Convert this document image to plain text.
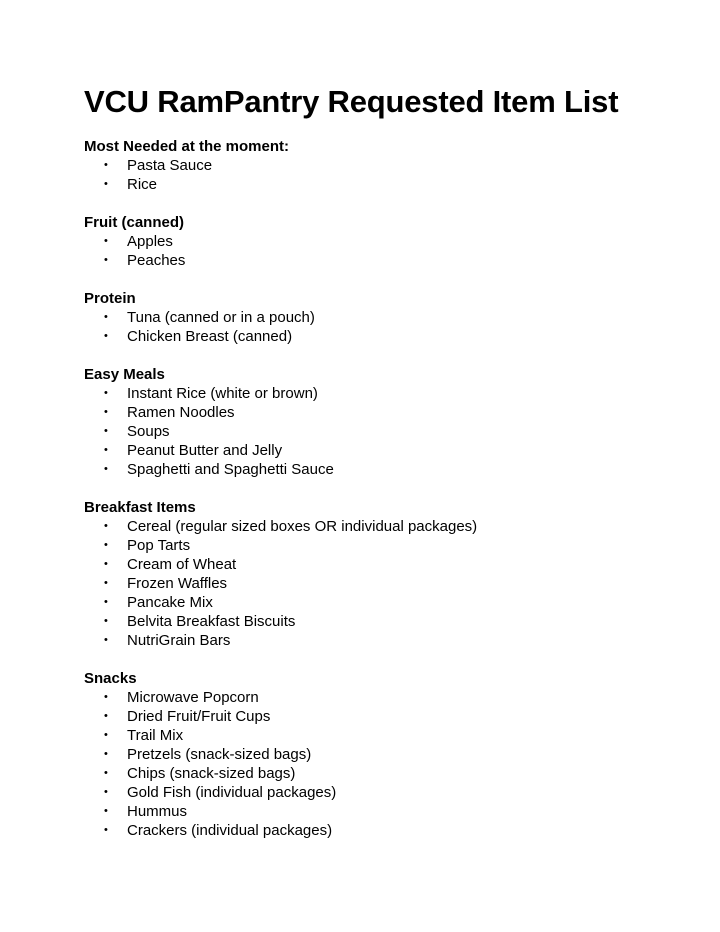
VCU RamPantry Requested Item List
Most Needed at the moment:
• Pasta Sauce
• Rice
Fruit (canned)
• Apples
• Peaches
Protein
• Tuna (canned or in a pouch)
• Chicken Breast (canned)
Easy Meals
• Instant Rice (white or brown)
• Ramen Noodles
• Soups
• Peanut Butter and Jelly
• Spaghetti and Spaghetti Sauce
Breakfast Items
• Cereal (regular sized boxes OR individual packages)
• Pop Tarts
• Cream of Wheat
• Frozen Waffles
• Pancake Mix
• Belvita Breakfast Biscuits
• NutriGrain Bars
Snacks
• Microwave Popcorn
• Dried Fruit/Fruit Cups
• Trail Mix
• Pretzels (snack-sized bags)
• Chips (snack-sized bags)
• Gold Fish (individual packages)
• Hummus
• Crackers (individual packages)
